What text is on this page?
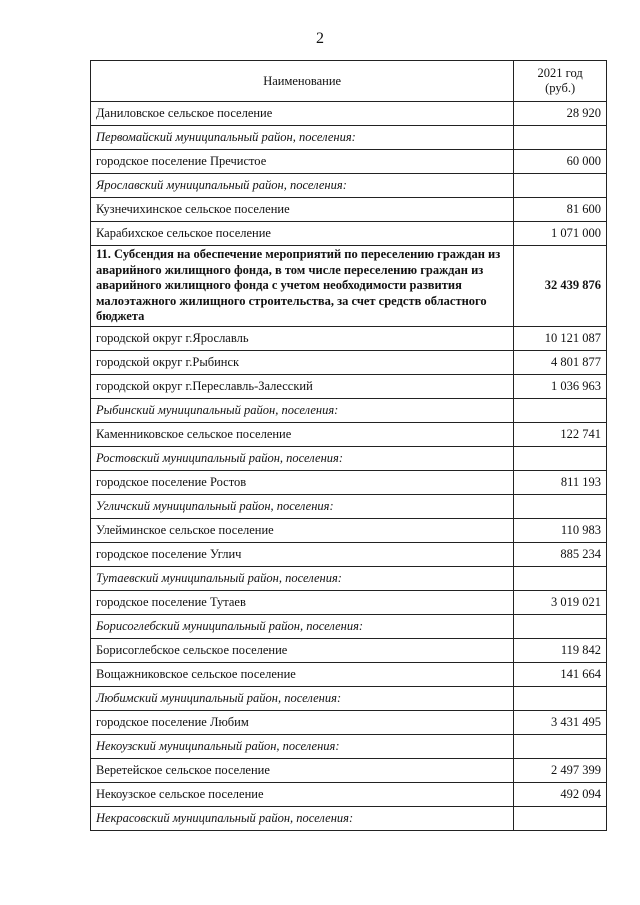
2
Наименование	2021 год
(руб.)

Даниловское сельское поселение	28 920
Первомайский муниципальный район, поселения:	
городское поселение Пречистое	60 000
Ярославский муниципальный район, поселения:	
Кузнечихинское сельское поселение	81 600
Карабихское сельское поселение	1 071 000
11. Субсендия на обеспечение мероприятий по переселению граждан из аварийного жилищного фонда, в том числе переселению граждан из аварийного жилищного фонда с учетом необходимости развития малоэтажного жилищного строительства, за счет средств областного бюджета	32 439 876
городской округ г.Ярославль	10 121 087
городской округ г.Рыбинск	4 801 877
городской округ г.Переславль-Залесский	1 036 963
Рыбинский муниципальный район, поселения:	
Каменниковское сельское поселение	122 741
Ростовский муниципальный район, поселения:	
городское поселение Ростов	811 193
Угличский муниципальный район, поселения:	
Улейминское сельское поселение	110 983
городское поселение Углич	885 234
Тутаевский муниципальный район, поселения:	
городское поселение Тутаев	3 019 021
Борисоглебский муниципальный район, поселения:	
Борисоглебское сельское поселение	119 842
Вощажниковское сельское поселение	141 664
Любимский муниципальный район, поселения:	
городское поселение Любим	3 431 495
Некоузский муниципальный район, поселения:	
Веретейское сельское поселение	2 497 399
Некоузское сельское поселение	492 094
Некрасовский муниципальный район, поселения:	
